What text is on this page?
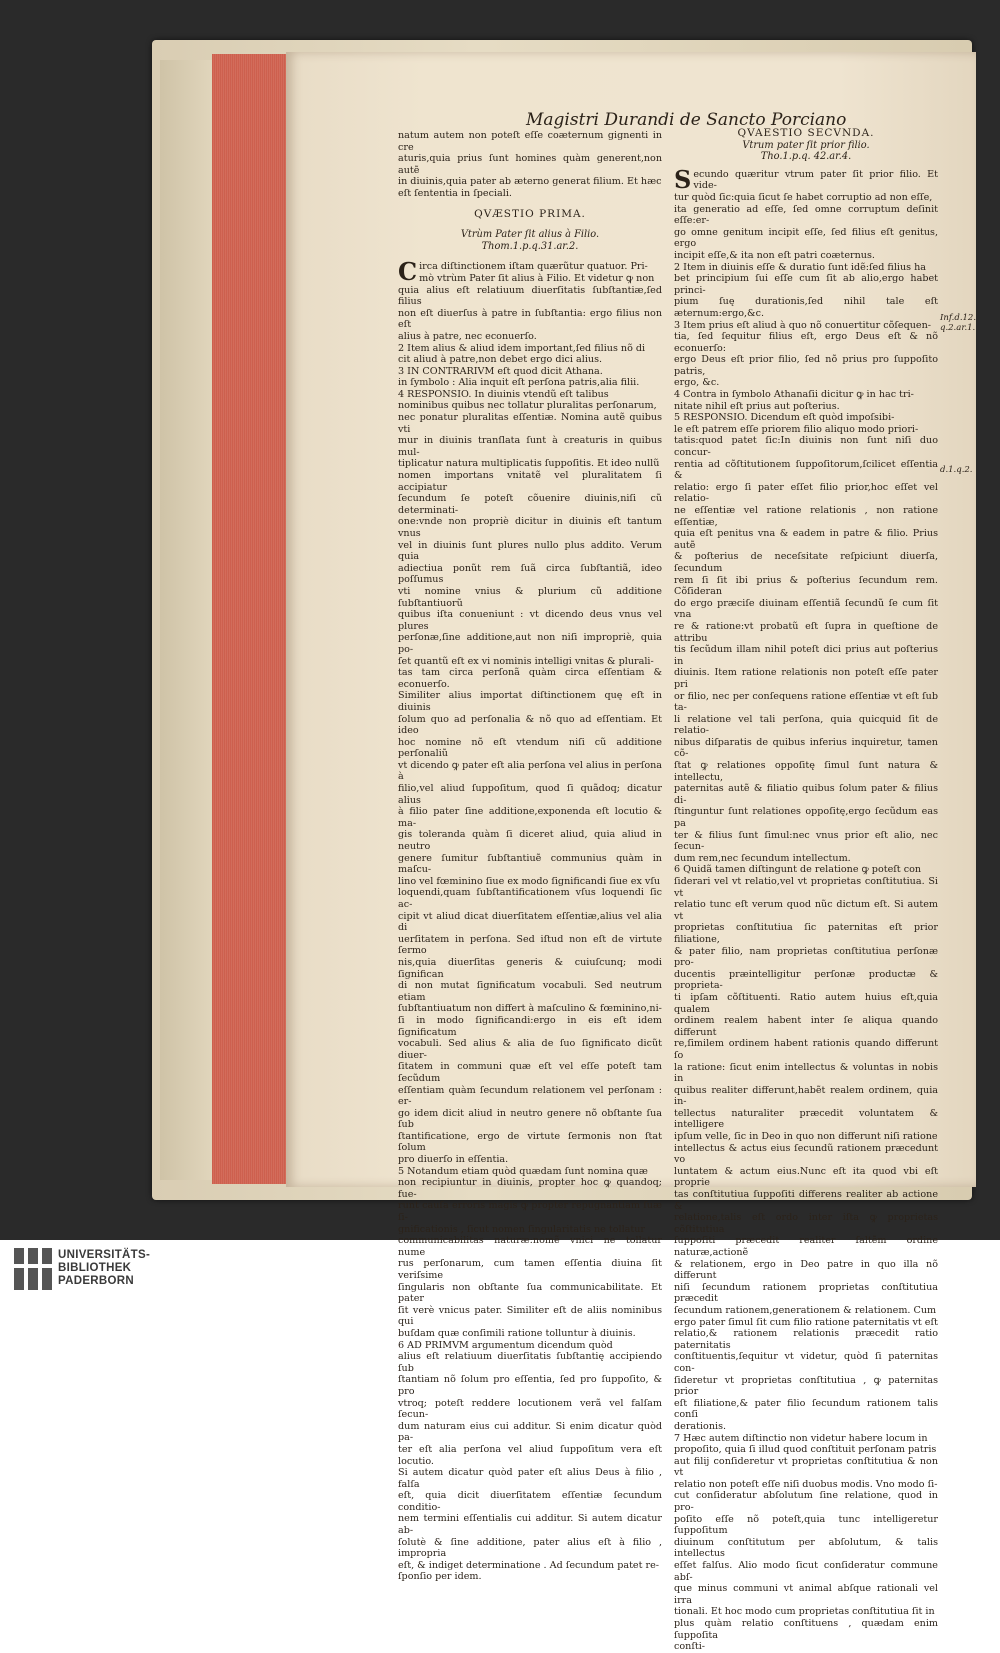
Magistri Durandi de Sancto Porciano

natum autem non poteſt eſſe coæternum gignenti in cre

aturis,quia prius ſunt homines quàm generent,non autẽ

in diuinis,quia pater ab æterno generat filium. Et hæc

eſt ſententia in ſpeciali.

QVÆSTIO PRIMA.

Vtrùm Pater ſit alius à Filio.

Thom.1.p.q.31.ar.2.

C irca diſtinctionem iſtam quærũtur quatuor. Pri-

mò vtrùm Pater ſit alius à Filio. Et videtur ꝙ non

quia alius eſt relatiuum diuerſitatis ſubſtantiæ,ſed filius

non eſt diuerſus à patre in ſubſtantia: ergo filius non eſt

alius à patre, nec econuerſo.

2 Item alius & aliud idem important,ſed filius nõ di

cit aliud à patre,non debet ergo dici alius.

3 IN CONTRARIVM eſt quod dicit Athana.

in ſymbolo : Alia inquit eſt perſona patris,alia filii.

4 RESPONSIO. In diuinis vtendũ eſt talibus

nominibus quibus nec tollatur pluralitas perſonarum,

nec ponatur pluralitas eſſentiæ. Nomina autẽ quibus vti

mur in diuinis tranſlata ſunt à creaturis in quibus mul-

tiplicatur natura multiplicatis ſuppoſitis. Et ideo nullũ

nomen importans vnitatẽ vel pluralitatem ſi accipiatur

ſecundum ſe poteſt cõuenire diuinis,niſi cũ determinati-

one:vnde non propriè dicitur in diuinis eſt tantum vnus

vel in diuinis ſunt plures nullo plus addito. Verum quia

adiectiua ponũt rem ſuã circa ſubſtantiã, ideo poſſumus

vti nomine vnius & plurium cũ additione ſubſtantiuorũ

quibus iſta conueniunt : vt dicendo deus vnus vel plures

perſonæ,ſine additione,aut non niſi impropriè, quia po-

ſet quantũ eſt ex vi nominis intelligi vnitas & plurali-

tas tam circa perſonã quàm circa eſſentiam & econuerſo.

Similiter alius importat diſtinctionem quę eſt in diuinis

ſolum quo ad perſonalia & nõ quo ad eſſentiam. Et ideo

hoc nomine nõ eſt vtendum niſi cũ additione perſonaliũ

vt dicendo ꝙ pater eſt alia perſona vel alius in perſona à

filio,vel aliud ſuppoſitum, quod ſi quãdoq; dicatur alius

à filio pater ſine additione,exponenda eſt locutio & ma-

gis toleranda quàm ſi diceret aliud, quia aliud in neutro

genere ſumitur ſubſtantiuẽ communius quàm in maſcu-

lino vel fœminino ſiue ex modo ſignificandi ſiue ex vſu

loquendi,quam ſubſtantificationem vſus loquendi ſic ac-

cipit vt aliud dicat diuerſitatem eſſentiæ,alius vel alia di

uerſitatem in perſona. Sed iſtud non eſt de virtute ſermo

nis,quia diuerſitas generis & cuiuſcunq; modi ſignifican

di non mutat ſignificatum vocabuli. Sed neutrum etiam

ſubſtantiuatum non differt à maſculino & fœminino,ni-

ſi in modo ſignificandi:ergo in eis eſt idem ſignificatum

vocabuli. Sed alius & alia de ſuo ſignificato dicũt diuer-

ſitatem in communi quæ eſt vel eſſe poteſt tam ſecũdum

eſſentiam quàm ſecundum relationem vel perſonam : er-

go idem dicit aliud in neutro genere nõ obſtante ſua ſub

ſtantificatione, ergo de virtute ſermonis non ſtat ſolum

pro diuerſo in eſſentia.

5 Notandum etiam quòd quædam ſunt nomina quæ

non recipiuntur in diuinis, propter hoc ꝙ quandoq; fue-

runt cauſa erroris magis ꝙ propter repugnantiam ſuæ ſi-

gnificationis , ſicut nomen ſingularitatis ne tollatur

communicabilitas naturæ:nomẽ vnici ne tollatur nume

rus perſonarum, cum tamen eſſentia diuina ſit veriſsime

ſingularis non obſtante ſua communicabilitate. Et pater

ſit verè vnicus pater. Similiter eſt de aliis nominibus qui

buſdam quæ conſimili ratione tolluntur à diuinis.

6 AD PRIMVM argumentum dicendum quòd

alius eſt relatiuum diuerſitatis ſubſtantię accipiendo ſub

ſtantiam nõ ſolum pro eſſentia, ſed pro ſuppoſito, & pro

vtroq; poteſt reddere locutionem verã vel falſam ſecun-

dum naturam eius cui additur. Si enim dicatur quòd pa-

ter eſt alia perſona vel aliud ſuppoſitum vera eſt locutio.

Si autem dicatur quòd pater eſt alius Deus à filio , falſa

eſt, quia dicit diuerſitatem eſſentiæ ſecundum conditio-

nem termini eſſentialis cui additur. Si autem dicatur ab-

ſolutè & ſine additione, pater alius eſt à filio , impropria

eſt, & indiget determinatione . Ad ſecundum patet re-

ſponſio per idem.

QVAESTIO SECVNDA.

Vtrum pater ſit prior filio.

Tho.1.p.q. 42.ar.4.

S ecundo quæritur vtrum pater ſit prior filio. Et vide-

tur quòd ſic:quia ſicut ſe habet corruptio ad non eſſe,

ita generatio ad eſſe, ſed omne corruptum deſinit eſſe:er-

go omne genitum incipit eſſe, ſed filius eſt genitus, ergo

incipit eſſe,& ita non eſt patri coæternus.

2 Item in diuinis eſſe & duratio ſunt idẽ:ſed filius ha

bet principium ſui eſſe cum ſit ab alio,ergo habet princi-

pium ſuę durationis,ſed nihil tale eſt æternum:ergo,&c.

3 Item prius eſt aliud à quo nõ conuertitur cõſequen-

tia, ſed ſequitur filius eſt, ergo Deus eſt & nõ econuerſo:

ergo Deus eſt prior filio, ſed nõ prius pro ſuppoſito patris,

ergo, &c.

4 Contra in ſymbolo Athanaſii dicitur ꝙ in hac tri-

nitate nihil eſt prius aut poſterius.

5 RESPONSIO. Dicendum eſt quòd impoſsibi-

le eſt patrem eſſe priorem filio aliquo modo priori-

tatis:quod patet ſic:In diuinis non ſunt niſi duo concur-

rentia ad cõſtitutionem ſuppoſitorum,ſcilicet eſſentia &

relatio: ergo ſi pater eſſet filio prior,hoc eſſet vel relatio-

ne eſſentiæ vel ratione relationis , non ratione eſſentiæ,

quia eſt penitus vna & eadem in patre & filio. Prius autẽ

& poſterius de neceſsitate reſpiciunt diuerſa, ſecundum

rem ſi ſit ibi prius & poſterius ſecundum rem. Cõſideran

do ergo præciſe diuinam eſſentiã ſecundũ ſe cum ſit vna

re & ratione:vt probatũ eſt ſupra in queſtione de attribu

tis ſecũdum illam nihil poteſt dici prius aut poſterius in

diuinis. Item ratione relationis non poteſt eſſe pater pri

or filio, nec per conſequens ratione eſſentiæ vt eſt ſub ta-

li relatione vel tali perſona, quia quicquid ſit de relatio-

nibus diſparatis de quibus inferius inquiretur, tamen cõ-

ſtat ꝙ relationes oppoſitę ſimul ſunt natura & intellectu,

paternitas autẽ & filiatio quibus ſolum pater & filius di-

ſtinguntur ſunt relationes oppoſitę,ergo ſecũdum eas pa

ter & filius ſunt ſimul:nec vnus prior eſt alio, nec ſecun-

dum rem,nec ſecundum intellectum.

6 Quidã tamen diſtingunt de relatione ꝙ poteſt con

ſiderari vel vt relatio,vel vt proprietas conſtitutiua. Si vt

relatio tunc eſt verum quod nũc dictum eſt. Si autem vt

proprietas conſtitutiua ſic paternitas eſt prior filiatione,

& pater filio, nam proprietas conſtitutiua perſonæ pro-

ducentis præintelligitur perſonæ productæ & proprieta-

ti ipſam cõſtituenti. Ratio autem huius eſt,quia qualem

ordinem realem habent inter ſe aliqua quando differunt

re,ſimilem ordinem habent rationis quando differunt ſo

la ratione: ſicut enim intellectus & voluntas in nobis in

quibus realiter differunt,habẽt realem ordinem, quia in-

tellectus naturaliter præcedit voluntatem & intelligere

ipſum velle, ſic in Deo in quo non differunt niſi ratione

intellectus & actus eius ſecundũ rationem præcedunt vo

luntatem & actum eius.Nunc eſt ita quod vbi eſt proprie

tas conſtitutiua ſuppoſiti differens realiter ab actione &

relatione,talis eſt ordo inter iſta ꝙ proprietas cõſtitutiua

ſuppoſiti præcedit realiter ſaltẽm ordine naturæ,actionẽ

& relationem, ergo in Deo patre in quo illa nõ differunt

niſi ſecundum rationem proprietas conſtitutiua præcedit

ſecundum rationem,generationem & relationem. Cum

ergo pater ſimul ſit cum filio ratione paternitatis vt eſt

relatio,& rationem relationis præcedit ratio paternitatis

conſtituentis,ſequitur vt videtur, quòd ſi paternitas con-

ſideretur vt proprietas conſtitutiua , ꝙ paternitas prior

eſt filiatione,& pater filio ſecundum rationem talis conſi

derationis.

7 Hæc autem diſtinctio non videtur habere locum in

propoſito, quia ſi illud quod conſtituit perſonam patris

aut filij conſideretur vt proprietas conſtitutiua & non vt

relatio non poteſt eſſe niſi duobus modis. Vno modo ſi-

cut conſideratur abſolutum ſine relatione, quod in pro-

poſito eſſe nõ poteſt,quia tunc intelligeretur ſuppoſitum

diuinum conſtitutum per abſolutum, & talis intellectus

eſſet falſus. Alio modo ſicut conſideratur commune abſ-

que minus communi vt animal abſque rationali vel irra

tionali. Et hoc modo cum proprietas conſtitutiua ſit in

plus quàm relatio conſtituens , quædam enim ſuppoſita

conſti-

Inf.d.12.
q.2.ar.1.
d.1.q.2.
UNIVERSITÄTS-
BIBLIOTHEK
PADERBORN
